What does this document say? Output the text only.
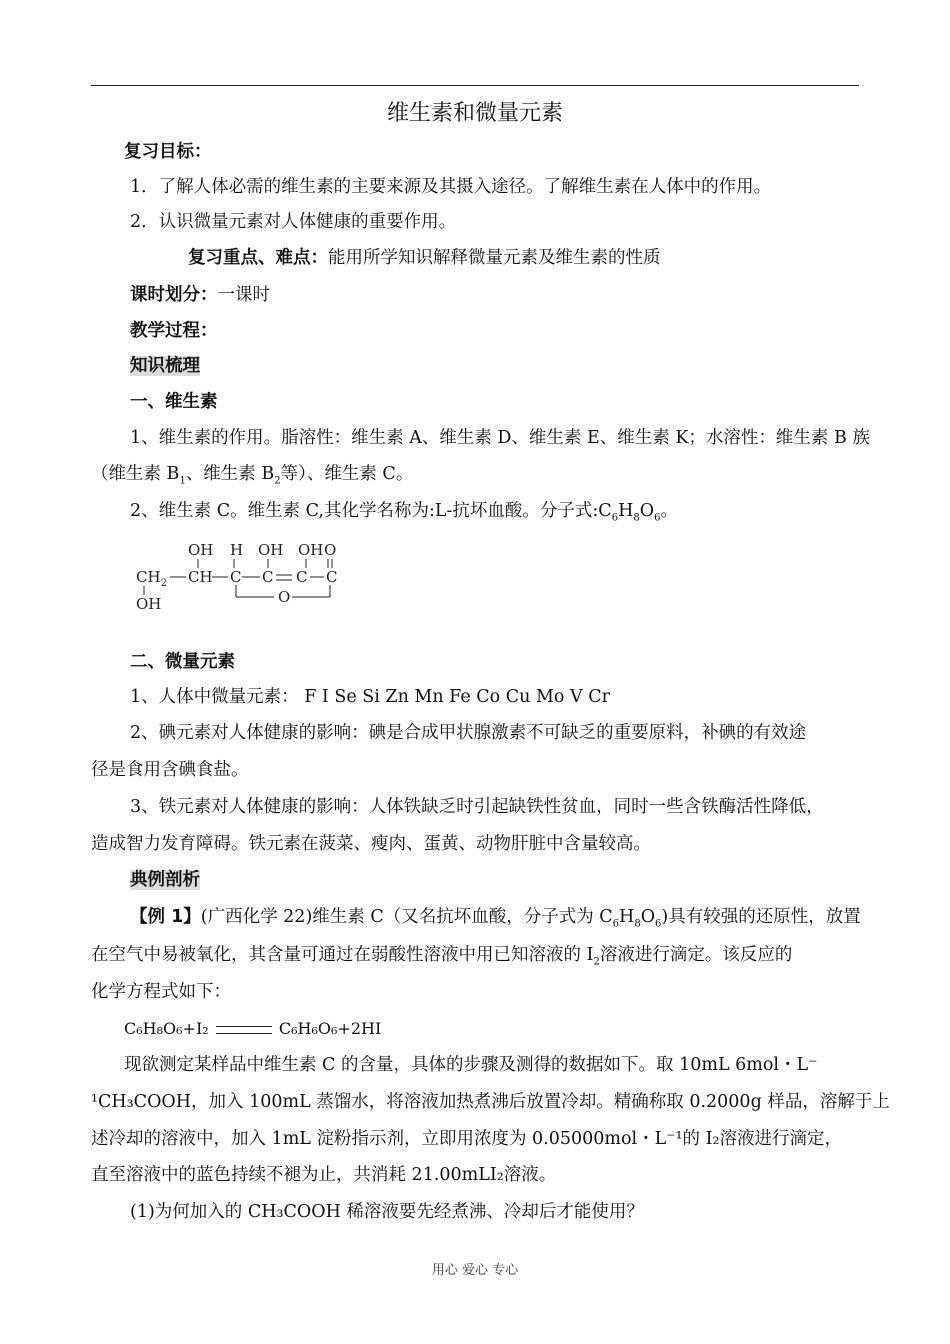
维生素和微量元素
复习目标：
1．了解人体必需的维生素的主要来源及其摄入途径。了解维生素在人体中的作用。
2．认识微量元素对人体健康的重要作用。
复习重点、难点：能用所学知识解释微量元素及维生素的性质
课时划分：一课时
教学过程：
知识梳理
一、维生素
1、维生素的作用。脂溶性：维生素 A、维生素 D、维生素 E、维生素 K；水溶性：维生素 B 族
（维生素 $B_1$、维生素 $B_2$等）、维生素 C。
2、维生素 C。维生素 C,其化学名称为:L-抗坏血酸。分子式$:C_6H_8O_6$。
OH H OH OH O
$CH_2$ CH C C C C
O
OH
二、微量元素
1、人体中微量元素： F I Se Si Zn Mn Fe Co Cu Mo V Cr
2、碘元素对人体健康的影响：碘是合成甲状腺激素不可缺乏的重要原料，补碘的有效途
径是食用含碘食盐。
3、铁元素对人体健康的影响：人体铁缺乏时引起缺铁性贫血，同时一些含铁酶活性降低，
造成智力发育障碍。铁元素在菠菜、瘦肉、蛋黄、动物肝脏中含量较高。
典例剖析
【例 1】(广西化学 22)维生素 C（又名抗坏血酸，分子式为 $C_6H_8O_6$)具有较强的还原性，放置
在空气中易被氧化，其含量可通过在弱酸性溶液中用已知溶液的 $I_2$溶液进行滴定。该反应的
化学方程式如下：
C₆H₈O₆+I₂	C₆H₆O₆+2HI
现欲测定某样品中维生素 C 的含量，具体的步骤及测得的数据如下。取 10mL 6mol・L⁻
¹CH₃COOH，加入 100mL 蒸馏水，将溶液加热煮沸后放置冷却。精确称取 0.2000g 样品，溶解于上
述冷却的溶液中，加入 1mL 淀粉指示剂，立即用浓度为 0.05000mol・L⁻¹的 I₂溶液进行滴定，
直至溶液中的蓝色持续不褪为止，共消耗 21.00mLI₂溶液。
(1)为何加入的 CH₃COOH 稀溶液要先经煮沸、冷却后才能使用？
用心 爱心 专心
